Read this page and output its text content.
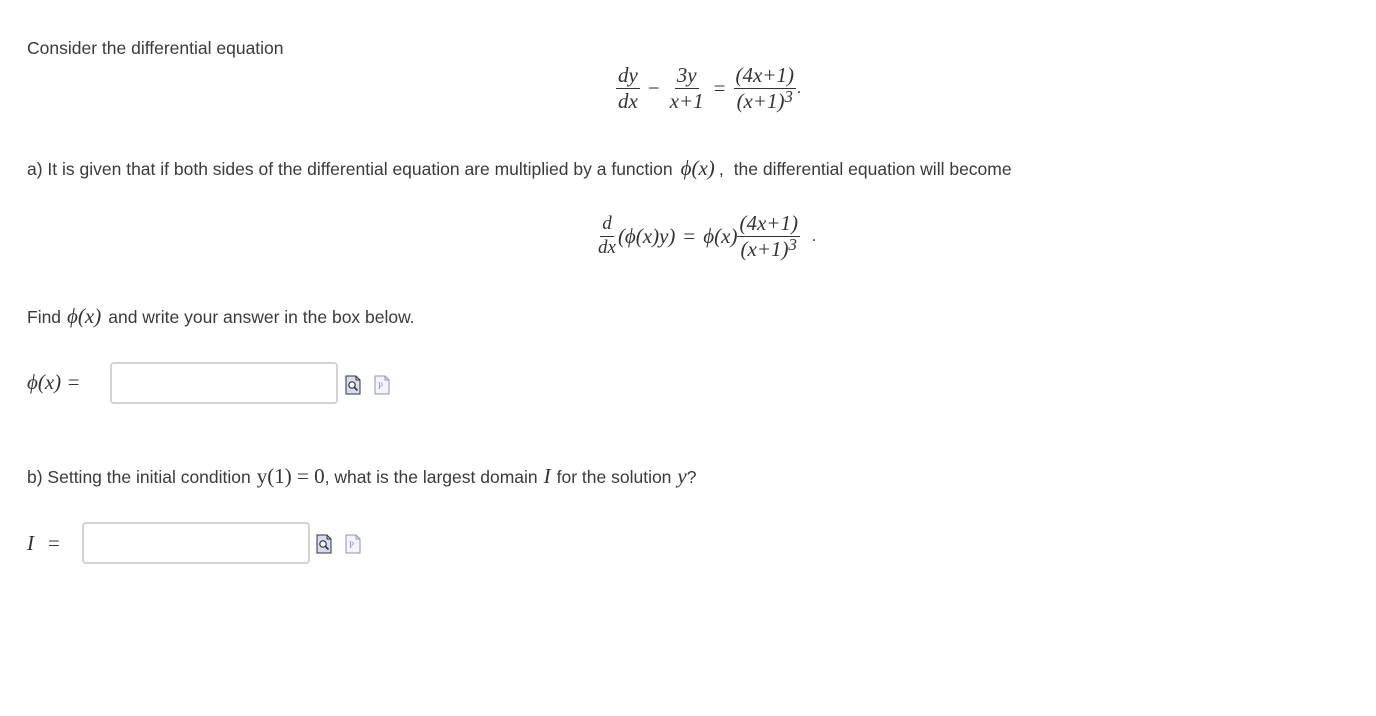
Consider the differential equation
$\frac{dy}{dx} - \frac{3y}{x+1} = \frac{(4x+1)}{(x+1)^3}$ .
a) It is given that if both sides of the differential equation are multiplied by a function ϕ(x) , the differential equation will become
$\frac{d}{dx} (\phi(x)y) = \phi(x) \frac{(4x+1)}{(x+1)^3}$ .
Find ϕ(x) and write your answer in the box below.
ϕ(x) =	P
b) Setting the initial condition y(1) = 0 , what is the largest domain I for the solution y ?
I =	P
